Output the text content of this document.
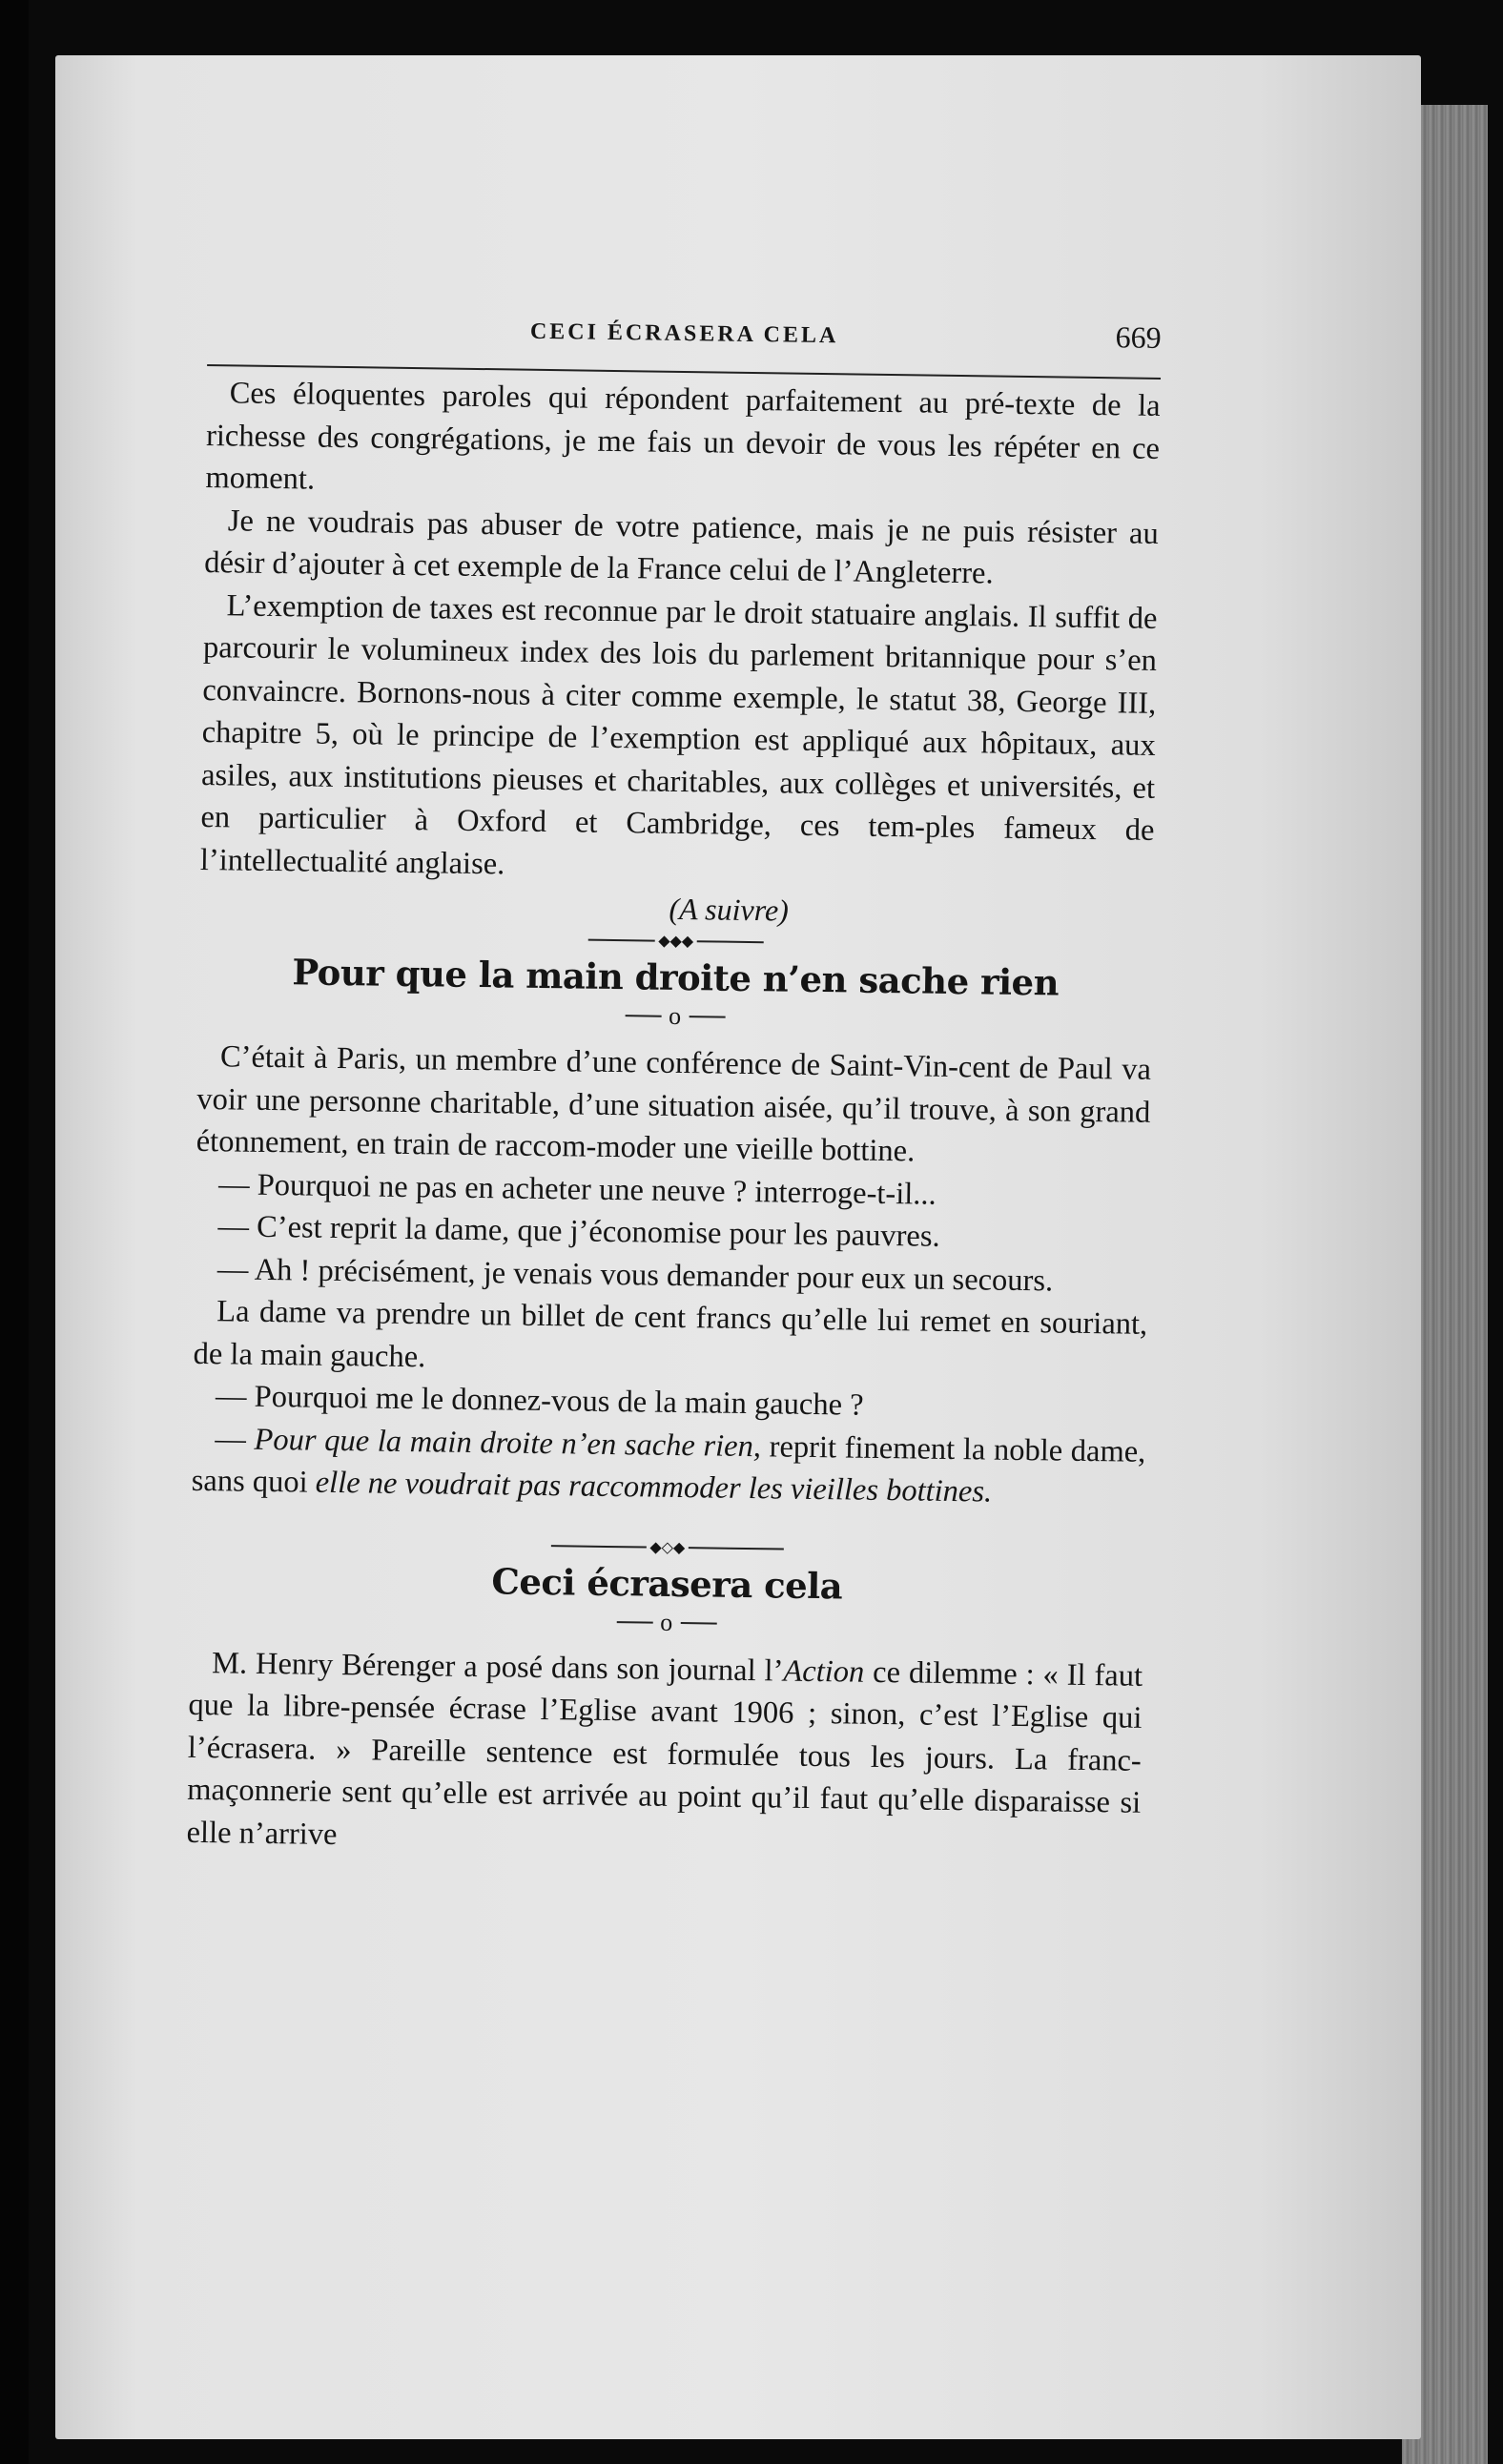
CECI ÉCRASERA CELA	669

Ces éloquentes paroles qui répondent parfaitement au pré-texte de la richesse des congrégations, je me fais un devoir de vous les répéter en ce moment.

Je ne voudrais pas abuser de votre patience, mais je ne puis résister au désir d’ajouter à cet exemple de la France celui de l’Angleterre.

L’exemption de taxes est reconnue par le droit statuaire anglais. Il suffit de parcourir le volumineux index des lois du parlement britannique pour s’en convaincre. Bornons-nous à citer comme exemple, le statut 38, George III, chapitre 5, où le principe de l’exemption est appliqué aux hôpitaux, aux asiles, aux institutions pieuses et charitables, aux collèges et universités, et en particulier à Oxford et Cambridge, ces tem-ples fameux de l’intellectualité anglaise.

(A suivre)
◆◆◆
Pour que la main droite n’en sache rien
o

C’était à Paris, un membre d’une conférence de Saint-Vin-cent de Paul va voir une personne charitable, d’une situation aisée, qu’il trouve, à son grand étonnement, en train de raccom-moder une vieille bottine.

— Pourquoi ne pas en acheter une neuve ? interroge-t-il...

— C’est reprit la dame, que j’économise pour les pauvres.

— Ah ! précisément, je venais vous demander pour eux un secours.

La dame va prendre un billet de cent francs qu’elle lui remet en souriant, de la main gauche.

— Pourquoi me le donnez-vous de la main gauche ?

— Pour que la main droite n’en sache rien, reprit finement la noble dame, sans quoi elle ne voudrait pas raccommoder les vieilles bottines.

◆◇◆
Ceci écrasera cela
o

M. Henry Bérenger a posé dans son journal l’Action ce dilemme : « Il faut que la libre-pensée écrase l’Eglise avant 1906 ; sinon, c’est l’Eglise qui l’écrasera. » Pareille sentence est formulée tous les jours. La franc-maçonnerie sent qu’elle est arrivée au point qu’il faut qu’elle disparaisse si elle n’arrive
